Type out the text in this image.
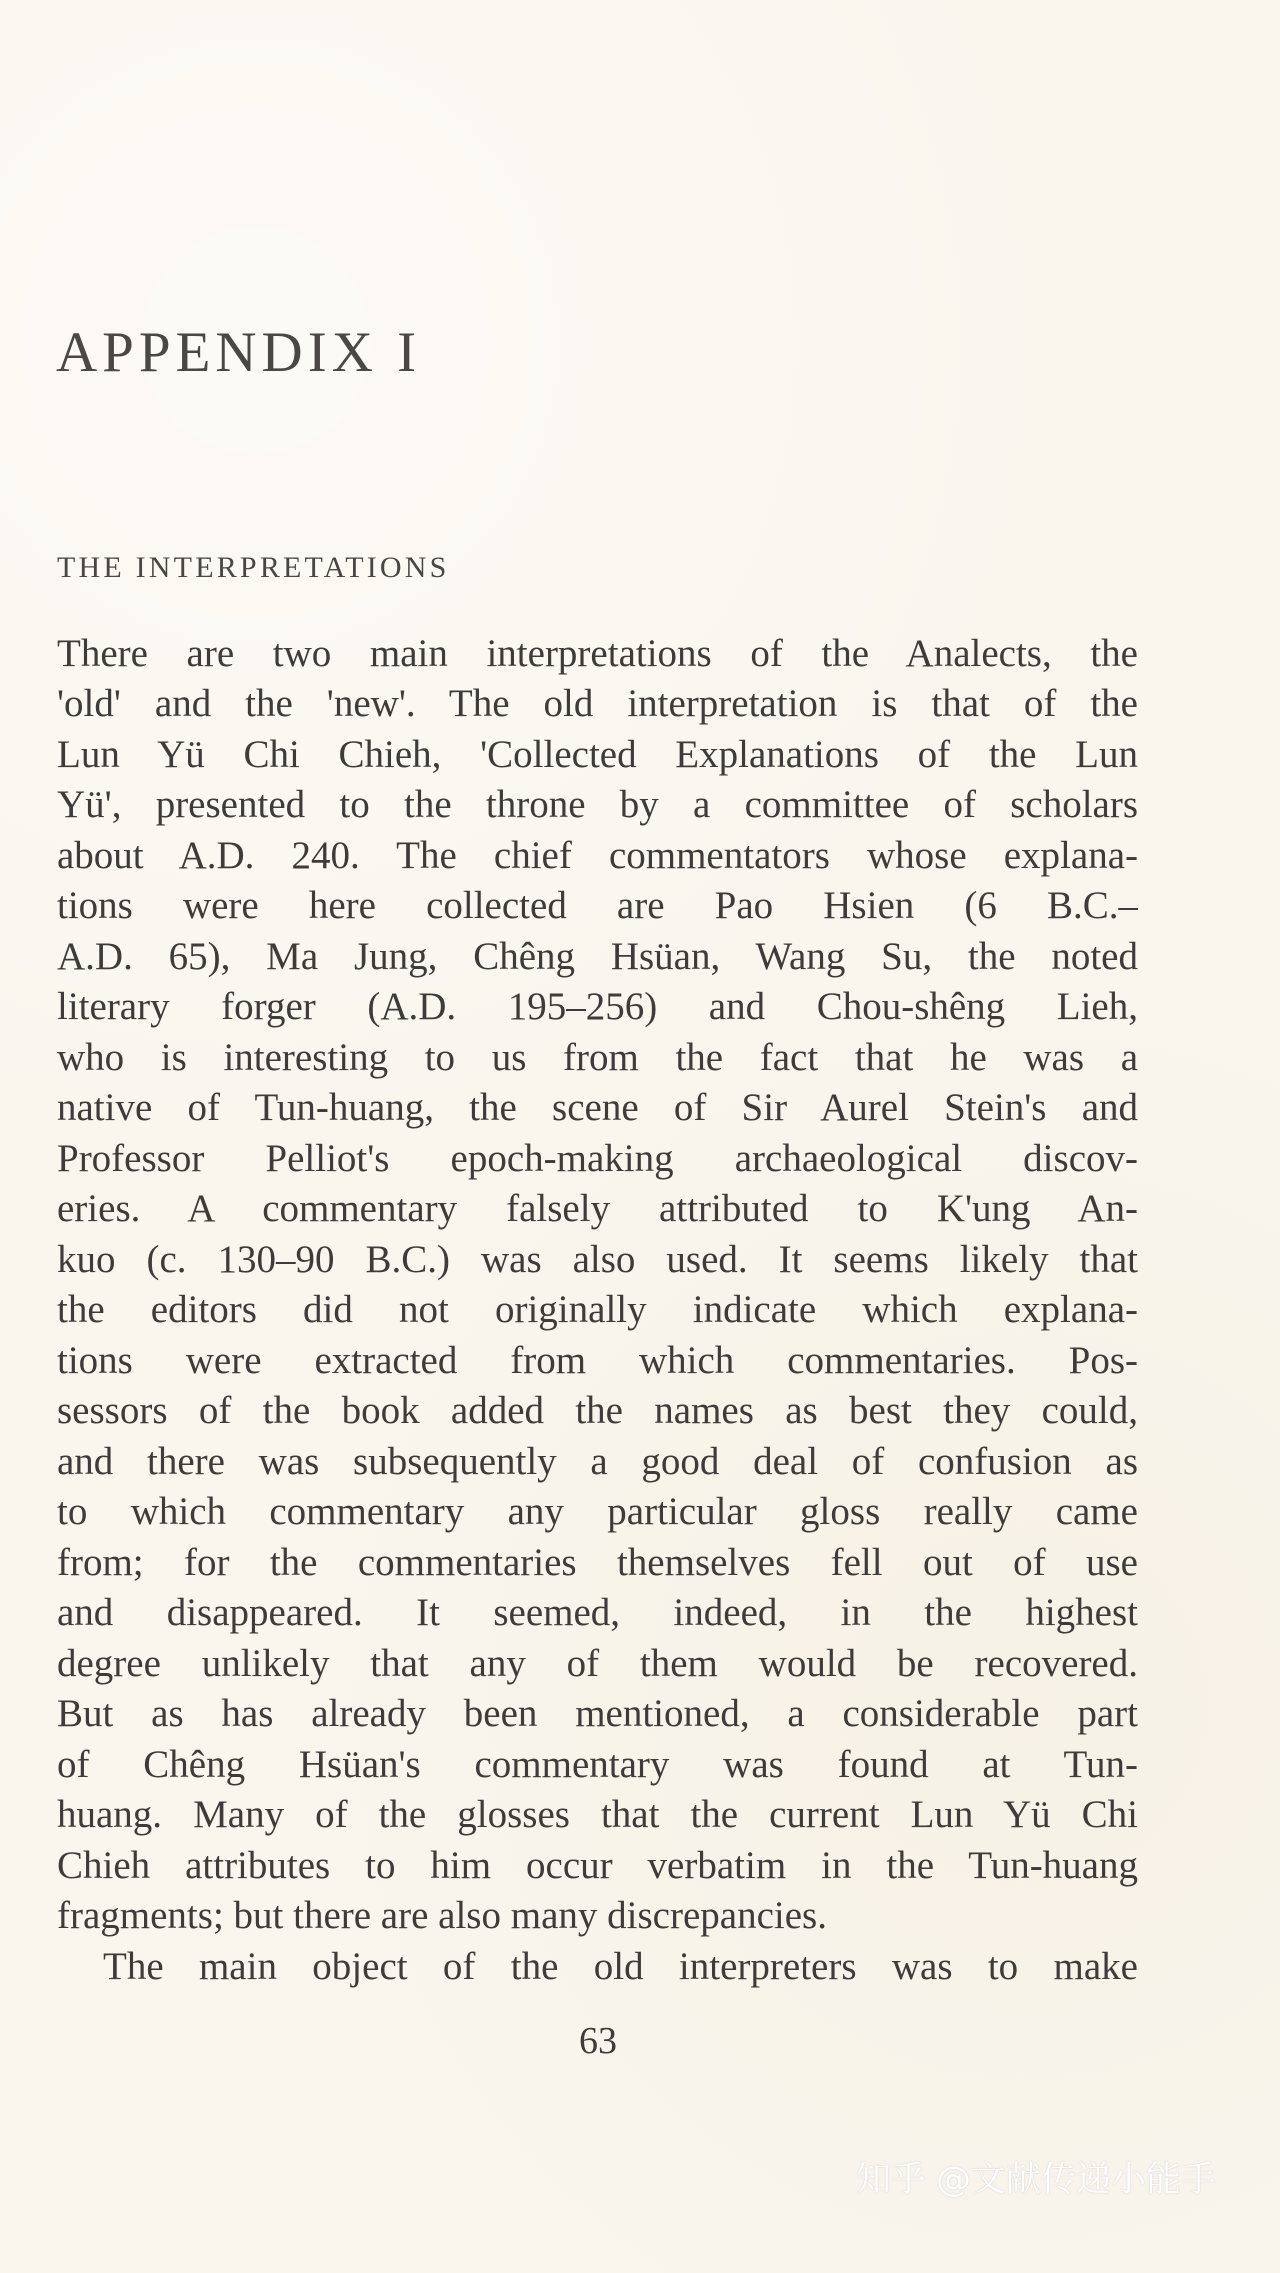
APPENDIX I
THE INTERPRETATIONS
There are two main interpretations of the Analects, the
'old' and the 'new'. The old interpretation is that of the
Lun Yü Chi Chieh, 'Collected Explanations of the Lun
Yü', presented to the throne by a committee of scholars
about A.D. 240. The chief commentators whose explana-
tions were here collected are Pao Hsien (6 B.C.–
A.D. 65), Ma Jung, Chêng Hsüan, Wang Su, the noted
literary forger (A.D. 195–256) and Chou-shêng Lieh,
who is interesting to us from the fact that he was a
native of Tun-huang, the scene of Sir Aurel Stein's and
Professor Pelliot's epoch-making archaeological discov-
eries. A commentary falsely attributed to K'ung An-
kuo (c. 130–90 B.C.) was also used. It seems likely that
the editors did not originally indicate which explana-
tions were extracted from which commentaries. Pos-
sessors of the book added the names as best they could,
and there was subsequently a good deal of confusion as
to which commentary any particular gloss really came
from; for the commentaries themselves fell out of use
and disappeared. It seemed, indeed, in the highest
degree unlikely that any of them would be recovered.
But as has already been mentioned, a considerable part
of Chêng Hsüan's commentary was found at Tun-
huang. Many of the glosses that the current Lun Yü Chi
Chieh attributes to him occur verbatim in the Tun-huang
fragments; but there are also many discrepancies.
The main object of the old interpreters was to make
63
知乎 @文献传递小能手
